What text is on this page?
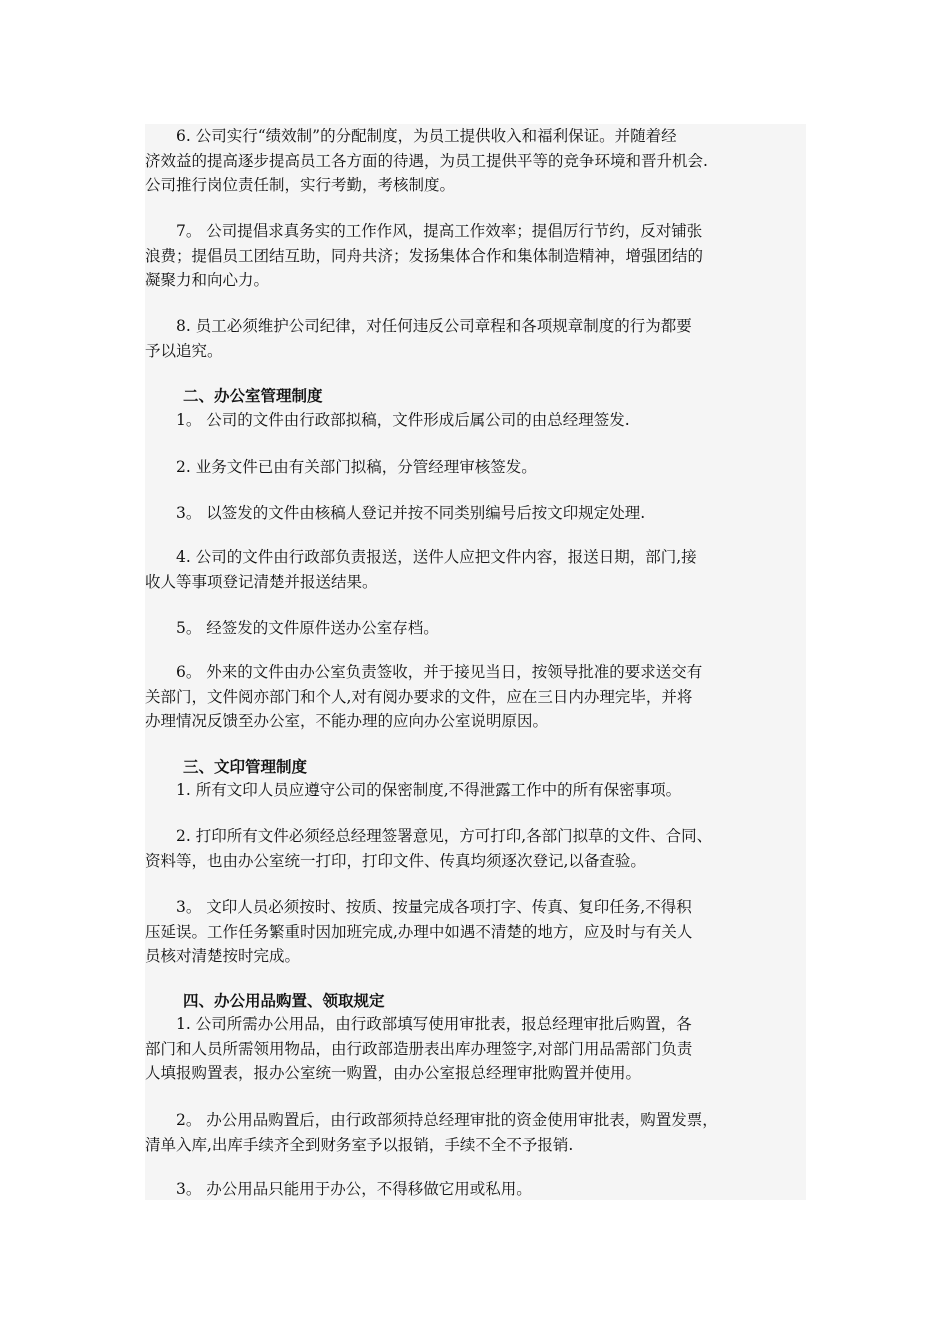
　　6. 公司实行“绩效制”的分配制度，为员工提供收入和福利保证。并随着经
济效益的提高逐步提高员工各方面的待遇，为员工提供平等的竞争环境和晋升机会.
公司推行岗位责任制，实行考勤，考核制度。
　　7。 公司提倡求真务实的工作作风，提高工作效率；提倡厉行节约，反对铺张
浪费；提倡员工团结互助，同舟共济；发扬集体合作和集体制造精神，增强团结的
凝聚力和向心力。
　　8. 员工必须维护公司纪律，对任何违反公司章程和各项规章制度的行为都要
予以追究。
二、办公室管理制度
　　1。 公司的文件由行政部拟稿，文件形成后属公司的由总经理签发.
　　2. 业务文件已由有关部门拟稿，分管经理审核签发。
　　3。 以签发的文件由核稿人登记并按不同类别编号后按文印规定处理.
　　4. 公司的文件由行政部负责报送，送件人应把文件内容，报送日期，部门,接
收人等事项登记清楚并报送结果。
　　5。 经签发的文件原件送办公室存档。
　　6。 外来的文件由办公室负责签收，并于接见当日，按领导批准的要求送交有
关部门，文件阅亦部门和个人,对有阅办要求的文件，应在三日内办理完毕，并将
办理情况反馈至办公室，不能办理的应向办公室说明原因。
三、文印管理制度
　　1. 所有文印人员应遵守公司的保密制度,不得泄露工作中的所有保密事项。
　　2. 打印所有文件必须经总经理签署意见，方可打印,各部门拟草的文件、合同、
资料等，也由办公室统一打印，打印文件、传真均须逐次登记,以备查验。
　　3。 文印人员必须按时、按质、按量完成各项打字、传真、复印任务,不得积
压延误。工作任务繁重时因加班完成,办理中如遇不清楚的地方，应及时与有关人
员核对清楚按时完成。
四、办公用品购置、领取规定
　　1. 公司所需办公用品，由行政部填写使用审批表，报总经理审批后购置，各
部门和人员所需领用物品，由行政部造册表出库办理签字,对部门用品需部门负责
人填报购置表，报办公室统一购置，由办公室报总经理审批购置并使用。
　　2。 办公用品购置后，由行政部须持总经理审批的资金使用审批表，购置发票，
清单入库,出库手续齐全到财务室予以报销，手续不全不予报销.
　　3。 办公用品只能用于办公，不得移做它用或私用。
